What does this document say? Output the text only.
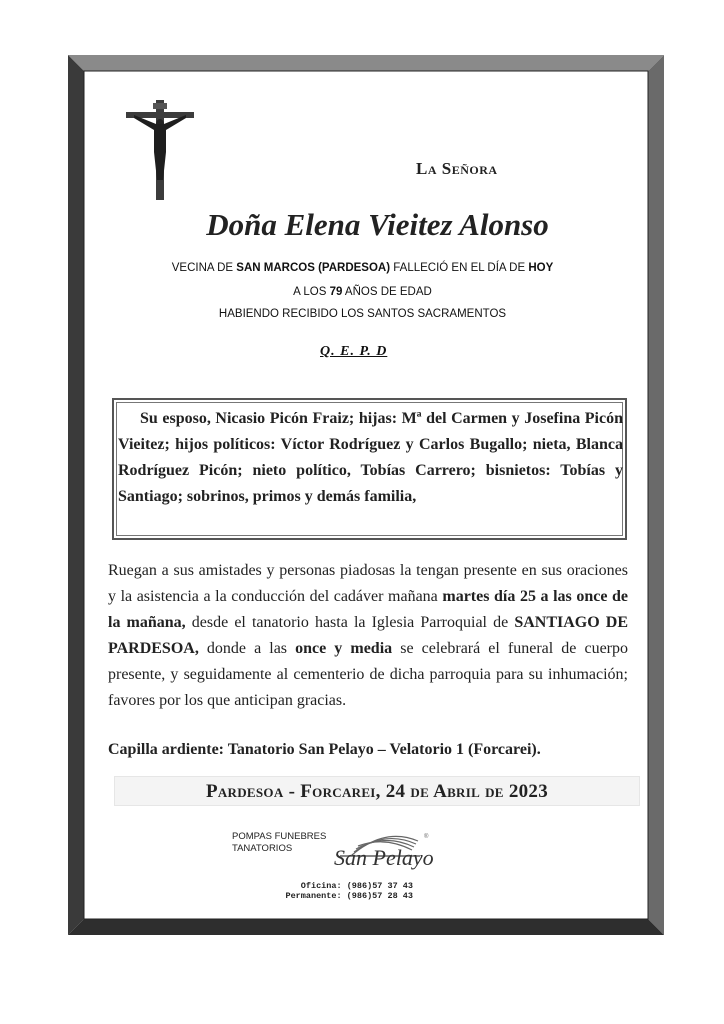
La Señora
Doña Elena Vieitez Alonso
VECINA DE SAN MARCOS (PARDESOA) FALLECIÓ EN EL DÍA DE HOY
A LOS 79 AÑOS DE EDAD
HABIENDO RECIBIDO LOS SANTOS SACRAMENTOS
Q. E. P. D
Su esposo, Nicasio Picón Fraiz; hijas: Mª del Carmen y Josefina Picón Vieitez; hijos políticos: Víctor Rodríguez y Carlos Bugallo; nieta, Blanca Rodríguez Picón; nieto político, Tobías Carrero; bisnietos: Tobías y Santiago; sobrinos, primos y demás familia,
Ruegan a sus amistades y personas piadosas la tengan presente en sus oraciones y la asistencia a la conducción del cadáver mañana martes día 25 a las once de la mañana, desde el tanatorio hasta la Iglesia Parroquial de SANTIAGO DE PARDESOA, donde a las once y media se celebrará el funeral de cuerpo presente, y seguidamente al cementerio de dicha parroquia para su inhumación; favores por los que anticipan gracias.
Capilla ardiente: Tanatorio San Pelayo – Velatorio 1 (Forcarei).
Pardesoa - Forcarei, 24 de Abril de 2023
POMPAS FUNEBRES
TANATORIOS
®
San Pelayo
Oficina: (986)57 37 43
Permanente: (986)57 28 43
